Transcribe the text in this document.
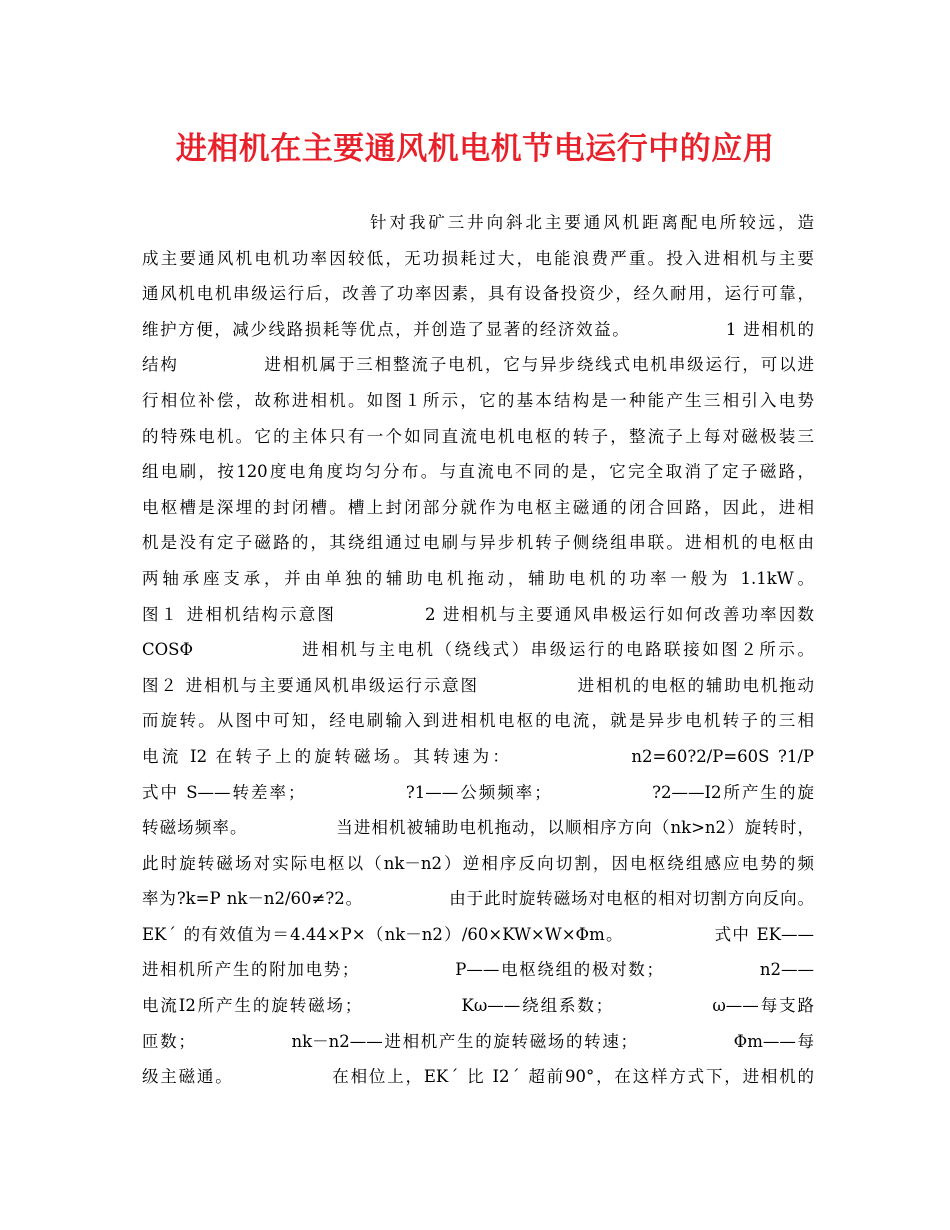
进相机在主要通风机电机节电运行中的应用
针对我矿三井向斜北主要通风机距离配电所较远，造
成主要通风机电机功率因较低，无功损耗过大，电能浪费严重。投入进相机与主要
通风机电机串级运行后，改善了功率因素，具有设备投资少，经久耐用，运行可靠，
维护方便，减少线路损耗等优点，并创造了显著的经济效益。              1 进相机的
结构            进相机属于三相整流子电机，它与异步绕线式电机串级运行，可以进
行相位补偿，故称进相机。如图１所示，它的基本结构是一种能产生三相引入电势
的特殊电机。它的主体只有一个如同直流电机电枢的转子，整流子上每对磁极装三
组电刷，按120度电角度均匀分布。与直流电不同的是，它完全取消了定子磁路，
电枢槽是深埋的封闭槽。槽上封闭部分就作为电枢主磁通的闭合回路，因此，进相
机是没有定子磁路的，其绕组通过电刷与异步机转子侧绕组串联。进相机的电枢由
两轴承座支承，并由单独的辅助电机拖动，辅助电机的功率一般为 1.1kW。
图１ 进相机结构示意图            2 进相机与主要通风串极运行如何改善功率因数
COSΦ              进相机与主电机（绕线式）串级运行的电路联接如图２所示。
图２ 进相机与主要通风机串级运行示意图              进相机的电枢的辅助电机拖动
而旋转。从图中可知，经电刷输入到进相机电枢的电流，就是异步电机转子的三相
电流 I2 在转子上的旋转磁场。其转速为：              n2=60?2/P=60S ?1/P
式中 S——转差率；              ?1——公频频率；              ?2——I2所产生的旋
转磁场频率。              当进相机被辅助电机拖动，以顺相序方向（nk>n2）旋转时，
此时旋转磁场对实际电枢以（nk－n2）逆相序反向切割，因电枢绕组感应电势的频
率为?k=P nk－n2/60≠?2。              由于此时旋转磁场对电枢的相对切割方向反向。
EKˊ 的有效值为＝4.44×P×（nk－n2）/60×KW×W×Φm。              式中 EK——
进相机所产生的附加电势；              P——电枢绕组的极对数；              n2——
电流I2所产生的旋转磁场；              Kω——绕组系数；              ω——每支路
匝数；              nk－n2——进相机产生的旋转磁场的转速；              Φm——每
级主磁通。              在相位上，EKˊ 比 I2ˊ 超前90°，在这样方式下，进相机的
